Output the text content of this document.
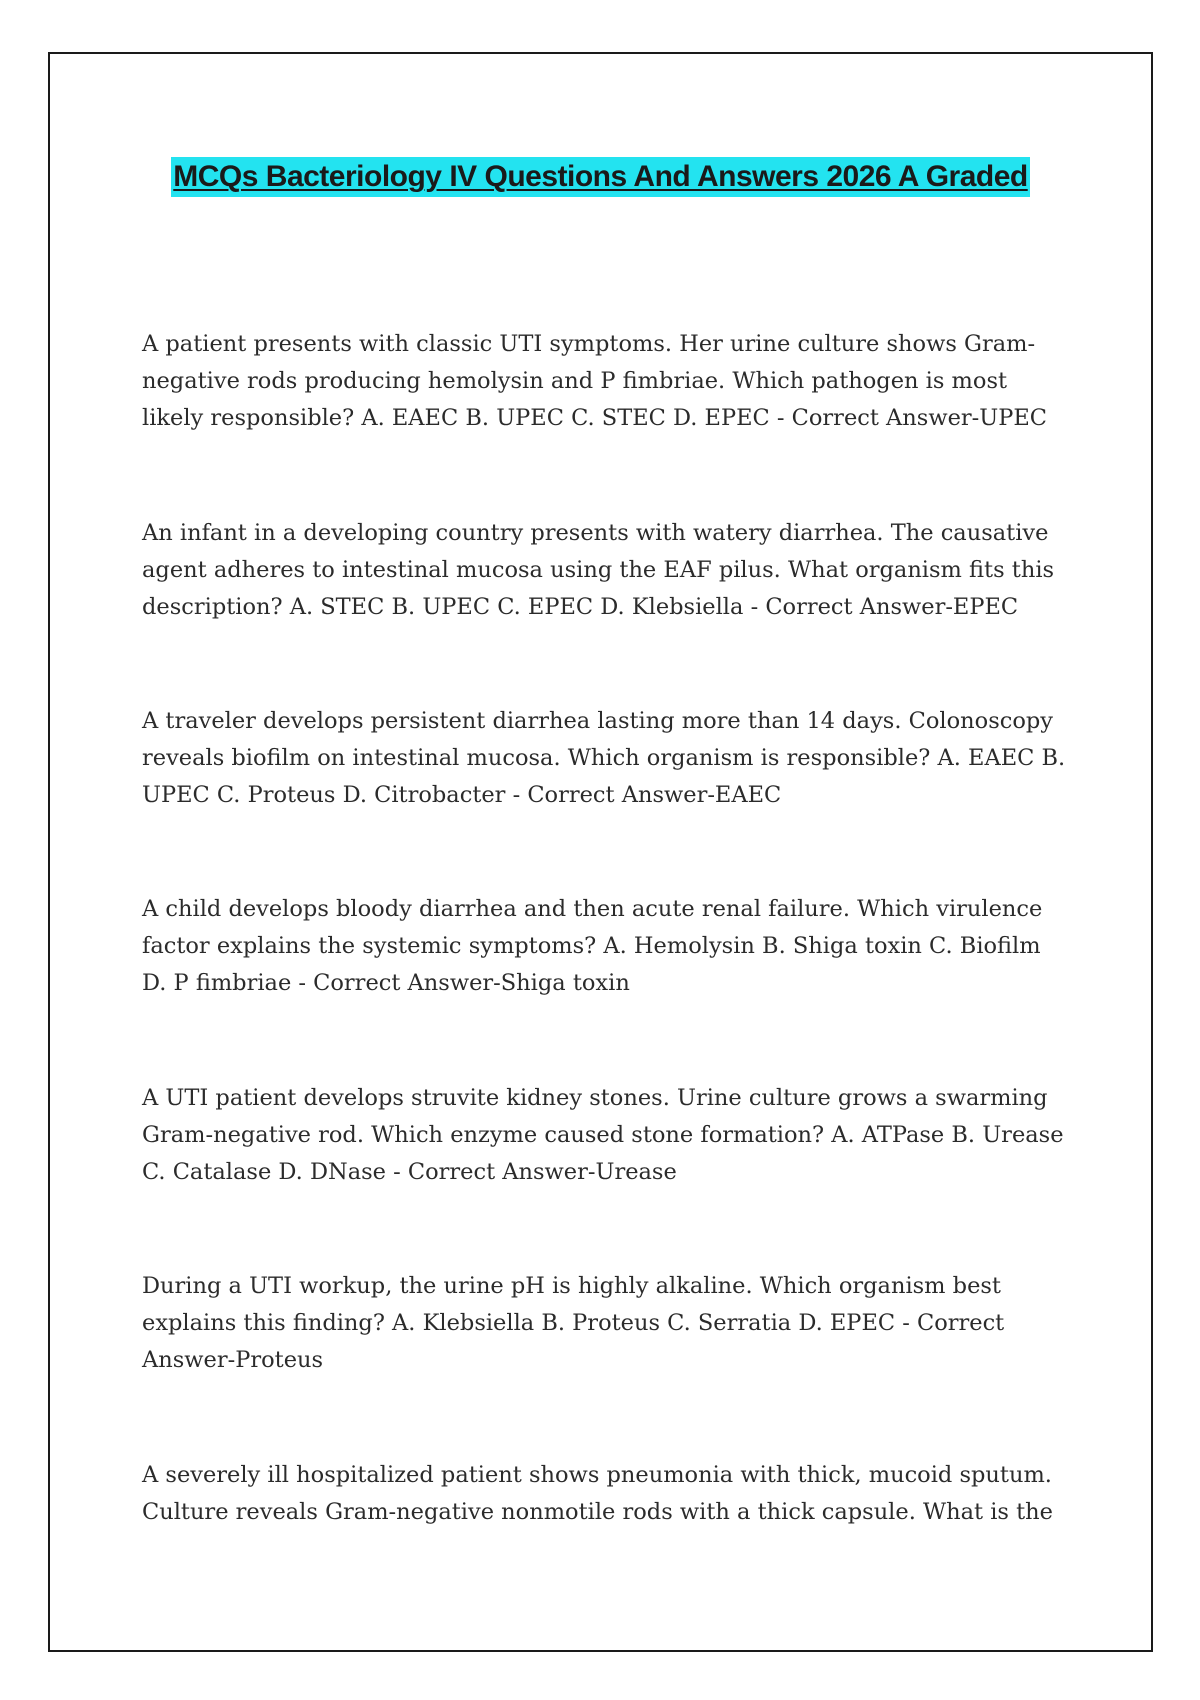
MCQs Bacteriology IV Questions And Answers 2026 A Graded

A patient presents with classic UTI symptoms. Her urine culture shows Gram-negative rods producing hemolysin and P fimbriae. Which pathogen is most likely responsible? A. EAEC B. UPEC C. STEC D. EPEC - Correct Answer-UPEC

An infant in a developing country presents with watery diarrhea. The causative agent adheres to intestinal mucosa using the EAF pilus. What organism fits this description? A. STEC B. UPEC C. EPEC D. Klebsiella - Correct Answer-EPEC

A traveler develops persistent diarrhea lasting more than 14 days. Colonoscopy reveals biofilm on intestinal mucosa. Which organism is responsible? A. EAEC B. UPEC C. Proteus D. Citrobacter - Correct Answer-EAEC

A child develops bloody diarrhea and then acute renal failure. Which virulence factor explains the systemic symptoms? A. Hemolysin B. Shiga toxin C. Biofilm D. P fimbriae - Correct Answer-Shiga toxin

A UTI patient develops struvite kidney stones. Urine culture grows a swarming Gram-negative rod. Which enzyme caused stone formation? A. ATPase B. Urease C. Catalase D. DNase - Correct Answer-Urease

During a UTI workup, the urine pH is highly alkaline. Which organism best explains this finding? A. Klebsiella B. Proteus C. Serratia D. EPEC - Correct Answer-Proteus

A severely ill hospitalized patient shows pneumonia with thick, mucoid sputum. Culture reveals Gram-negative nonmotile rods with a thick capsule. What is the
